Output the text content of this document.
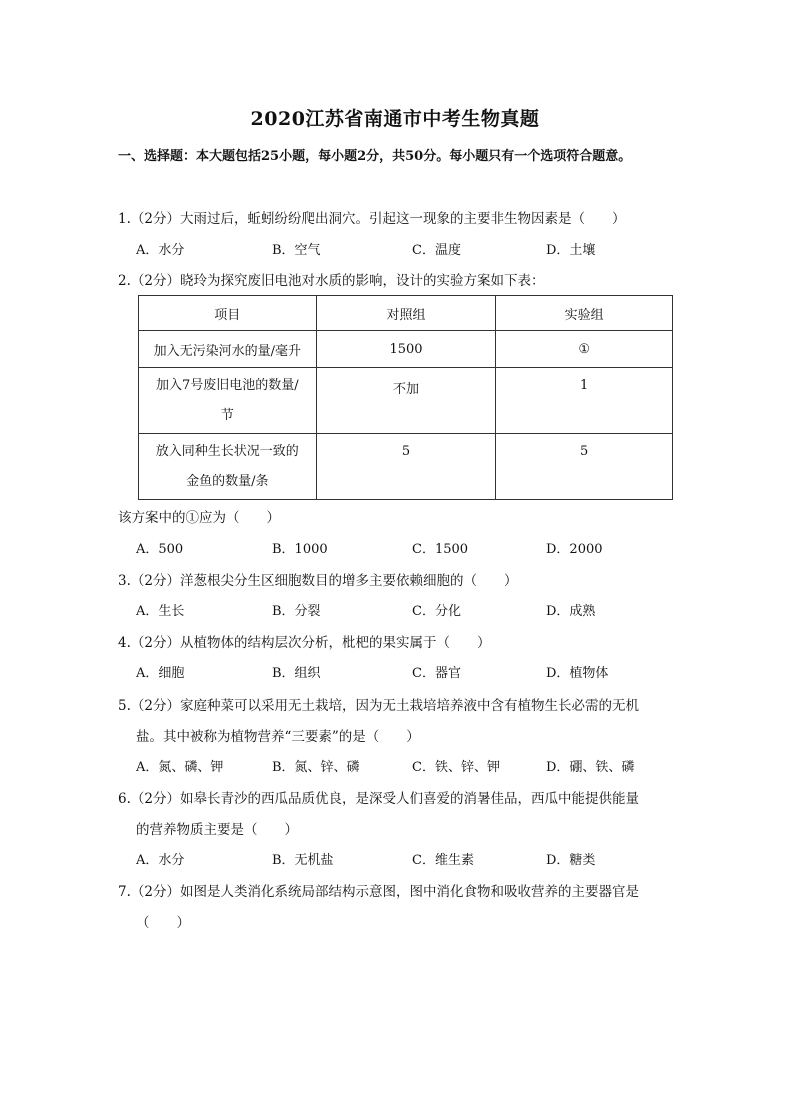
2020江苏省南通市中考生物真题
一、选择题：本大题包括25小题，每小题2分，共50分。每小题只有一个选项符合题意。
1.（2分）大雨过后，蚯蚓纷纷爬出洞穴。引起这一现象的主要非生物因素是（　　）
A．水分	B．空气	C．温度	D．土壤
2.（2分）晓玲为探究废旧电池对水质的影响，设计的实验方案如下表：
项目	对照组	实验组
加入无污染河水的量/毫升	1500	①
加入7号废旧电池的数量/
节	不加	1
放入同种生长状况一致的
金鱼的数量/条	5	5
该方案中的①应为（　　）
A．500	B．1000	C．1500	D．2000
3.（2分）洋葱根尖分生区细胞数目的增多主要依赖细胞的（　　）
A．生长	B．分裂	C．分化	D．成熟
4.（2分）从植物体的结构层次分析，枇杷的果实属于（　　）
A．细胞	B．组织	C．器官	D．植物体
5.（2分）家庭种菜可以采用无土栽培，因为无土栽培培养液中含有植物生长必需的无机
盐。其中被称为植物营养“三要素”的是（　　）
A．氮、磷、钾	B．氮、锌、磷	C．铁、锌、钾	D．硼、铁、磷
6.（2分）如皋长青沙的西瓜品质优良，是深受人们喜爱的消暑佳品，西瓜中能提供能量
的营养物质主要是（　　）
A．水分	B．无机盐	C．维生素	D．糖类
7.（2分）如图是人类消化系统局部结构示意图，图中消化食物和吸收营养的主要器官是
（　　）
